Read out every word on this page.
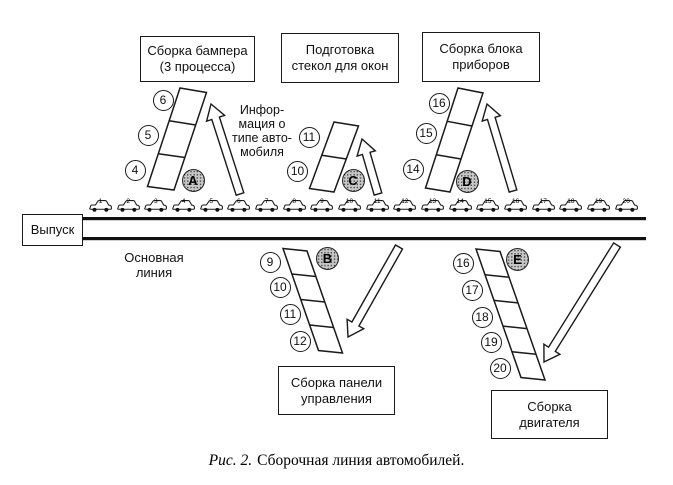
Сборка бампера
(3 процесса)
Подготовка
стекол для окон
Сборка блока
приборов
Сборка панели
управления
Сборка
двигателя
Выпуск
Основная
линия
Инфор-
мация о
типе авто-
мобиля
6
5
4
11
10
16
15
14
9
10
11
12
16
17
18
19
20
A	C	D
B	E
1	2	3	4	5	6	7	8	9	10	11	12	13	14	15	16	17	18	19	20
Рис. 2. Сборочная линия автомобилей.
